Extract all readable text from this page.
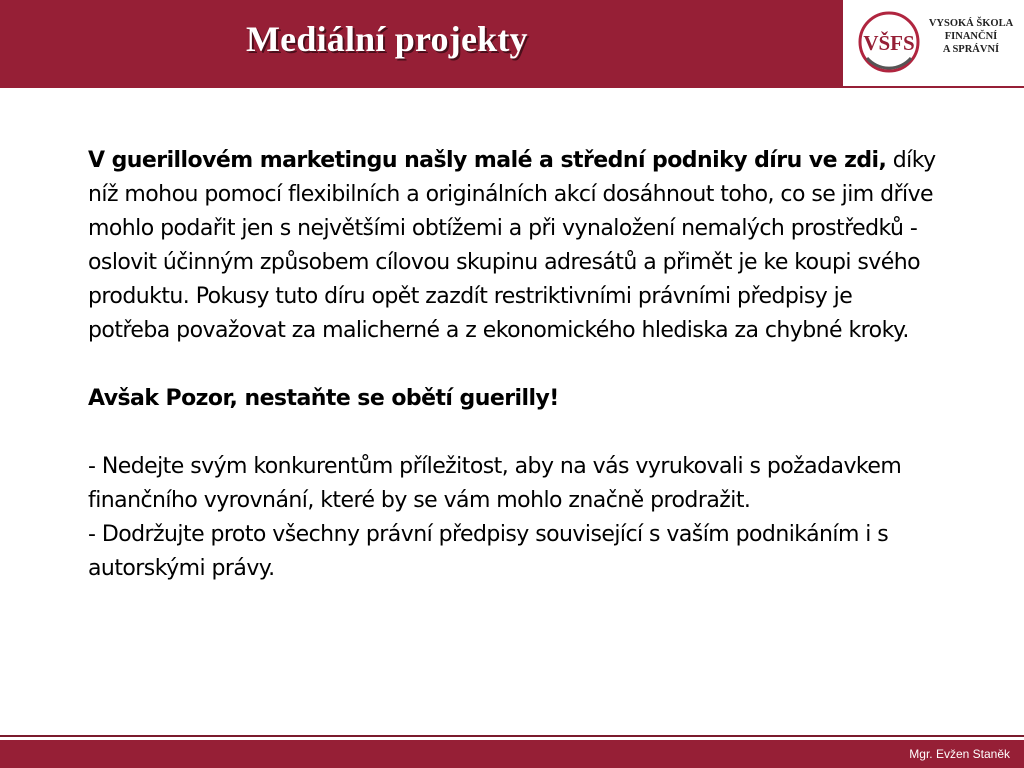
Mediální projekty	VŠFS
VYSOKÁ ŠKOLA
FINANČNÍ
A SPRÁVNÍ

V guerillovém marketingu našly malé a střední podniky díru ve zdi, díky níž mohou pomocí flexibilních a originálních akcí dosáhnout toho, co se jim dříve mohlo podařit jen s největšími obtížemi a při vynaložení nemalých prostředků - oslovit účinným způsobem cílovou skupinu adresátů a přimět je ke koupi svého produktu. Pokusy tuto díru opět zazdít restriktivními právními předpisy je potřeba považovat za malicherné a z ekonomického hlediska za chybné kroky.

Avšak Pozor, nestaňte se obětí guerilly!

- Nedejte svým konkurentům příležitost, aby na vás vyrukovali s požadavkem finančního vyrovnání, které by se vám mohlo značně prodražit.

- Dodržujte proto všechny právní předpisy související s vaším podnikáním i s autorskými právy.

Mgr. Evžen Staněk
